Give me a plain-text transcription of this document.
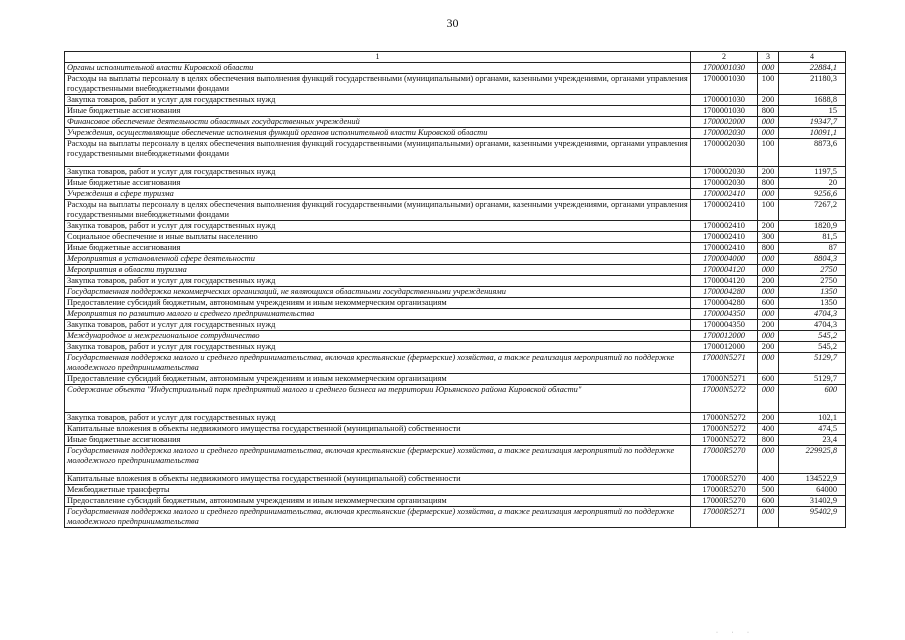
30
1	2	3	4
Органы исполнительной власти Кировской области	1700001030	000	22884,1
Расходы на выплаты персоналу в целях обеспечения выполнения функций государственными (муниципальными) органами, казенными учреждениями, органами управления государственными внебюджетными фондами	1700001030	100	21180,3
Закупка товаров, работ и услуг для государственных нужд	1700001030	200	1688,8
Иные бюджетные ассигнования	1700001030	800	15
Финансовое обеспечение деятельности областных государственных учреждений	1700002000	000	19347,7
Учреждения, осуществляющие обеспечение исполнения функций органов исполнительной власти Кировской области	1700002030	000	10091,1
Расходы на выплаты персоналу в целях обеспечения выполнения функций государственными (муниципальными) органами, казенными учреждениями, органами управления государственными внебюджетными фондами	1700002030	100	8873,6
Закупка товаров, работ и услуг для государственных нужд	1700002030	200	1197,5
Иные бюджетные ассигнования	1700002030	800	20
Учреждения в сфере туризма	1700002410	000	9256,6
Расходы на выплаты персоналу в целях обеспечения выполнения функций государственными (муниципальными) органами, казенными учреждениями, органами управления государственными внебюджетными фондами	1700002410	100	7267,2
Закупка товаров, работ и услуг для государственных нужд	1700002410	200	1820,9
Социальное обеспечение и иные выплаты населению	1700002410	300	81,5
Иные бюджетные ассигнования	1700002410	800	87
Мероприятия в установленной сфере деятельности	1700004000	000	8804,3
Мероприятия в области туризма	1700004120	000	2750
Закупка товаров, работ и услуг для государственных нужд	1700004120	200	2750
Государственная поддержка некоммерческих организаций, не являющихся областными государственными учреждениями	1700004280	000	1350
Предоставление субсидий бюджетным, автономным учреждениям и иным некоммерческим организациям	1700004280	600	1350
Мероприятия по развитию малого и среднего предпринимательства	1700004350	000	4704,3
Закупка товаров, работ и услуг для государственных нужд	1700004350	200	4704,3
Международное и межрегиональное сотрудничество	1700012000	000	545,2
Закупка товаров, работ и услуг для государственных нужд	1700012000	200	545,2
Государственная поддержка малого и среднего предпринимательства, включая крестьянские (фермерские) хозяйства, а также реализация мероприятий по поддержке молодежного предпринимательства	17000N5271	000	5129,7
Предоставление субсидий бюджетным, автономным учреждениям и иным некоммерческим организациям	17000N5271	600	5129,7
Содержание объекта "Индустриальный парк предприятий малого и среднего бизнеса на территории Юрьянского района Кировской области"	17000N5272	000	600
Закупка товаров, работ и услуг для государственных нужд	17000N5272	200	102,1
Капитальные вложения в объекты недвижимого имущества государственной (муниципальной) собственности	17000N5272	400	474,5
Иные бюджетные ассигнования	17000N5272	800	23,4
Государственная поддержка малого и среднего предпринимательства, включая крестьянские (фермерские) хозяйства, а также реализация мероприятий по поддержке молодежного предпринимательства	17000R5270	000	229925,8
Капитальные вложения в объекты недвижимого имущества государственной (муниципальной) собственности	17000R5270	400	134522,9
Межбюджетные трансферты	17000R5270	500	64000
Предоставление субсидий бюджетным, автономным учреждениям и иным некоммерческим организациям	17000R5270	600	31402,9
Государственная поддержка малого и среднего предпринимательства, включая крестьянские (фермерские) хозяйства, а также реализация мероприятий по поддержке молодежного предпринимательства	17000R5271	000	95402,9
· · ·
